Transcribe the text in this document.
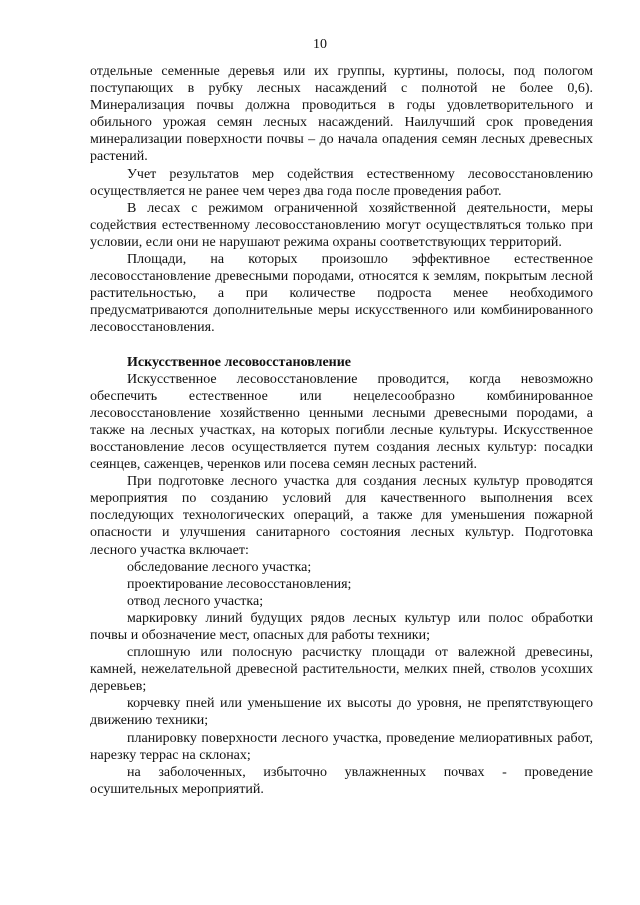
10

отдельные семенные деревья или их группы, куртины, полосы, под пологом поступающих в рубку лесных насаждений с полнотой не более 0,6). Минерализация почвы должна проводиться в годы удовлетворительного и обильного урожая семян лесных насаждений. Наилучший срок проведения минерализации поверхности почвы – до начала опадения семян лесных древесных растений.

Учет результатов мер содействия естественному лесовосстановлению осуществляется не ранее чем через два года после проведения работ.

В лесах с режимом ограниченной хозяйственной деятельности, меры содействия естественному лесовосстановлению могут осуществляться только при условии, если они не нарушают режима охраны соответствующих территорий.

Площади, на которых произошло эффективное естественное лесовосстановление древесными породами, относятся к землям, покрытым лесной растительностью, а при количестве подроста менее необходимого предусматриваются дополнительные меры искусственного или комбинированного лесовосстановления.

Искусственное лесовосстановление

Искусственное лесовосстановление проводится, когда невозможно обеспечить естественное или нецелесообразно комбинированное лесовосстановление хозяйственно ценными лесными древесными породами, а также на лесных участках, на которых погибли лесные культуры. Искусственное восстановление лесов осуществляется путем создания лесных культур: посадки сеянцев, саженцев, черенков или посева семян лесных растений.

При подготовке лесного участка для создания лесных культур проводятся мероприятия по созданию условий для качественного выполнения всех последующих технологических операций, а также для уменьшения пожарной опасности и улучшения санитарного состояния лесных культур. Подготовка лесного участка включает:

обследование лесного участка;

проектирование лесовосстановления;

отвод лесного участка;

маркировку линий будущих рядов лесных культур или полос обработки почвы и обозначение мест, опасных для работы техники;

сплошную или полосную расчистку площади от валежной древесины, камней, нежелательной древесной растительности, мелких пней, стволов усохших деревьев;

корчевку пней или уменьшение их высоты до уровня, не препятствующего движению техники;

планировку поверхности лесного участка, проведение мелиоративных работ, нарезку террас на склонах;

на заболоченных, избыточно увлажненных почвах - проведение осушительных мероприятий.
